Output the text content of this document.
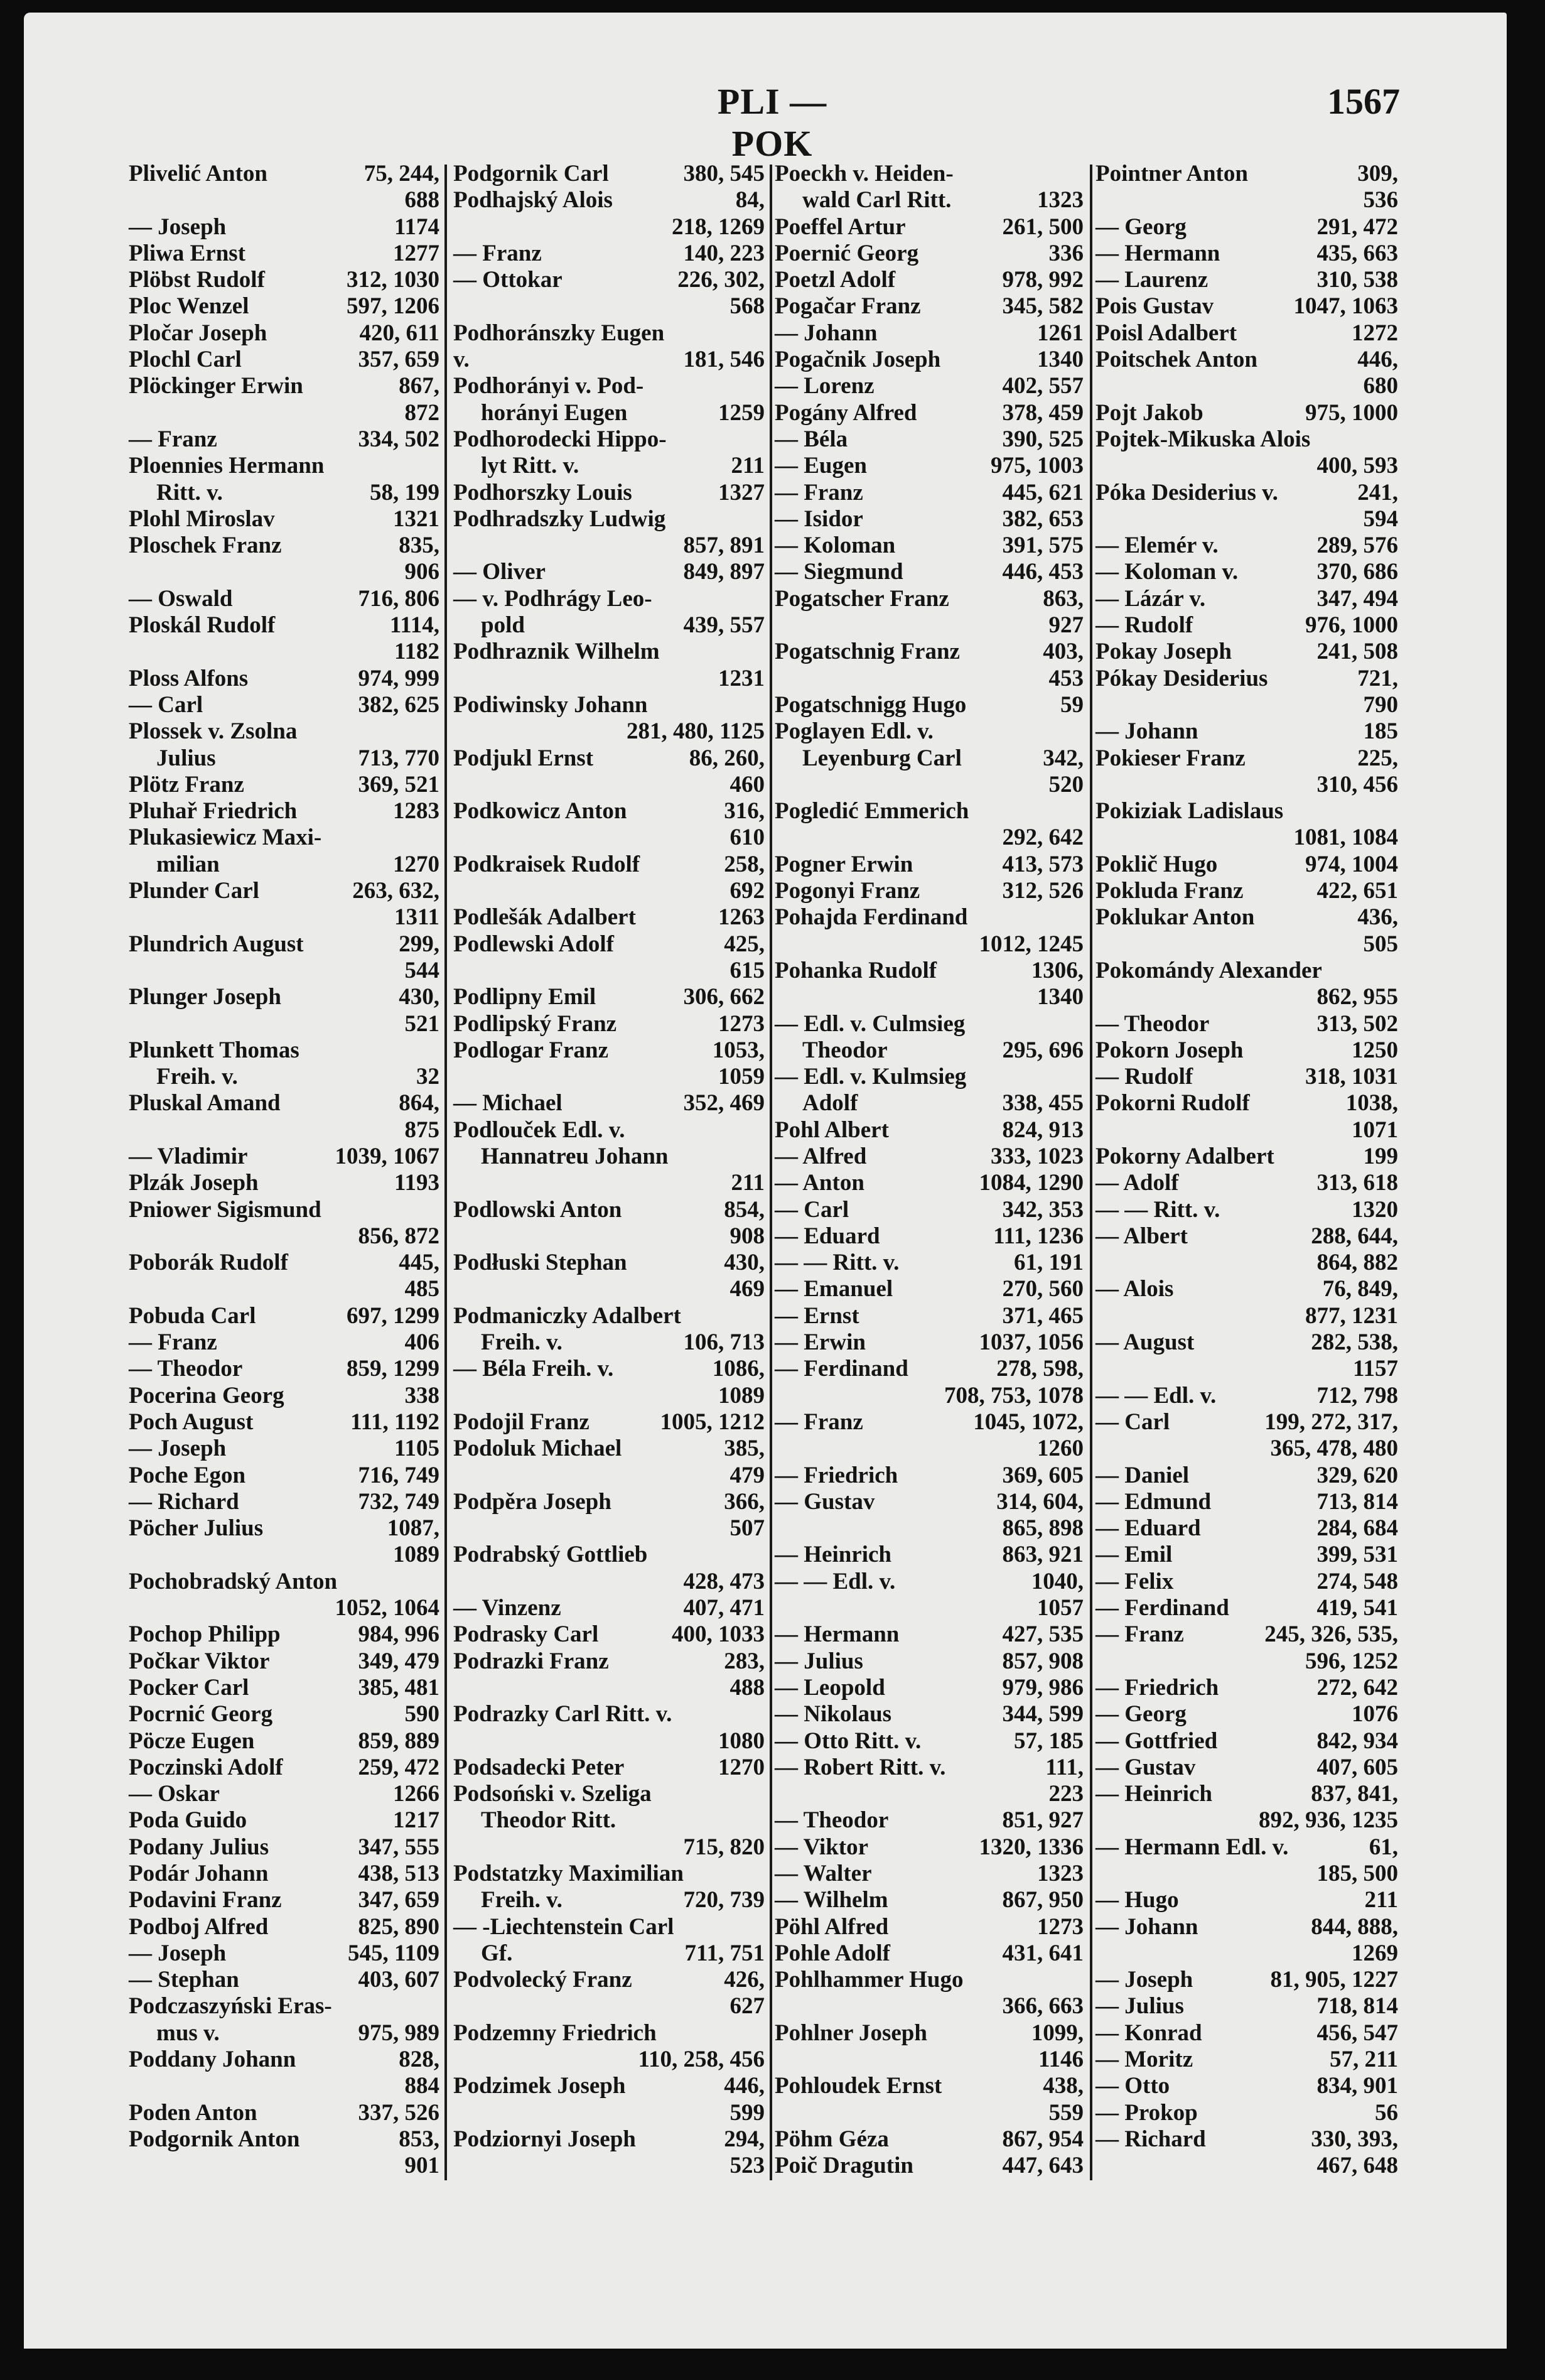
PLI — POK
1567
Plivelić Anton	75, 244,
688
— Joseph	1174
Pliwa Ernst	1277
Plöbst Rudolf	312, 1030
Ploc Wenzel	597, 1206
Pločar Joseph	420, 611
Plochl Carl	357, 659
Plöckinger Erwin	867,
872
— Franz	334, 502
Ploennies Hermann
Ritt. v.	58, 199
Plohl Miroslav	1321
Ploschek Franz	835,
906
— Oswald	716, 806
Ploskál Rudolf	1114,
1182
Ploss Alfons	974, 999
— Carl	382, 625
Plossek v. Zsolna
Julius	713, 770
Plötz Franz	369, 521
Pluhař Friedrich	1283
Plukasiewicz Maxi-
milian	1270
Plunder Carl	263, 632,
1311
Plundrich August	299,
544
Plunger Joseph	430,
521
Plunkett Thomas
Freih. v.	32
Pluskal Amand	864,
875
— Vladimir	1039, 1067
Plzák Joseph	1193
Pniower Sigismund
856, 872
Poborák Rudolf	445,
485
Pobuda Carl	697, 1299
— Franz	406
— Theodor	859, 1299
Pocerina Georg	338
Poch August	111, 1192
— Joseph	1105
Poche Egon	716, 749
— Richard	732, 749
Pöcher Julius	1087,
1089
Pochobradský Anton
1052, 1064
Pochop Philipp	984, 996
Počkar Viktor	349, 479
Pocker Carl	385, 481
Pocrnić Georg	590
Pöcze Eugen	859, 889
Poczinski Adolf	259, 472
— Oskar	1266
Poda Guido	1217
Podany Julius	347, 555
Podár Johann	438, 513
Podavini Franz	347, 659
Podboj Alfred	825, 890
— Joseph	545, 1109
— Stephan	403, 607
Podczaszyński Eras-
mus v.	975, 989
Poddany Johann	828,
884
Poden Anton	337, 526
Podgornik Anton	853,
901
Podgornik Carl	380, 545
Podhajský Alois	84,
218, 1269
— Franz	140, 223
— Ottokar	226, 302,
568
Podhoránszky Eugen
v.	181, 546
Podhorányi v. Pod-
horányi Eugen	1259
Podhorodecki Hippo-
lyt Ritt. v.	211
Podhorszky Louis	1327
Podhradszky Ludwig
857, 891
— Oliver	849, 897
— v. Podhrágy Leo-
pold	439, 557
Podhraznik Wilhelm
1231
Podiwinsky Johann
281, 480, 1125
Podjukl Ernst	86, 260,
460
Podkowicz Anton	316,
610
Podkraisek Rudolf	258,
692
Podlešák Adalbert	1263
Podlewski Adolf	425,
615
Podlipny Emil	306, 662
Podlipský Franz	1273
Podlogar Franz	1053,
1059
— Michael	352, 469
Podlouček Edl. v.
Hannatreu Johann
211
Podlowski Anton	854,
908
Podłuski Stephan	430,
469
Podmaniczky Adalbert
Freih. v.	106, 713
— Béla Freih. v.	1086,
1089
Podojil Franz	1005, 1212
Podoluk Michael	385,
479
Podpěra Joseph	366,
507
Podrabský Gottlieb
428, 473
— Vinzenz	407, 471
Podrasky Carl	400, 1033
Podrazki Franz	283,
488
Podrazky Carl Ritt. v.
1080
Podsadecki Peter	1270
Podsoński v. Szeliga
Theodor Ritt.
715, 820
Podstatzky Maximilian
Freih. v.	720, 739
— -Liechtenstein Carl
Gf.	711, 751
Podvolecký Franz	426,
627
Podzemny Friedrich
110, 258, 456
Podzimek Joseph	446,
599
Podziornyi Joseph	294,
523
Poeckh v. Heiden-
wald Carl Ritt.	1323
Poeffel Artur	261, 500
Poernić Georg	336
Poetzl Adolf	978, 992
Pogačar Franz	345, 582
— Johann	1261
Pogačnik Joseph	1340
— Lorenz	402, 557
Pogány Alfred	378, 459
— Béla	390, 525
— Eugen	975, 1003
— Franz	445, 621
— Isidor	382, 653
— Koloman	391, 575
— Siegmund	446, 453
Pogatscher Franz	863,
927
Pogatschnig Franz	403,
453
Pogatschnigg Hugo	59
Poglayen Edl. v.
Leyenburg Carl	342,
520
Pogledić Emmerich
292, 642
Pogner Erwin	413, 573
Pogonyi Franz	312, 526
Pohajda Ferdinand
1012, 1245
Pohanka Rudolf	1306,
1340
— Edl. v. Culmsieg
Theodor	295, 696
— Edl. v. Kulmsieg
Adolf	338, 455
Pohl Albert	824, 913
— Alfred	333, 1023
— Anton	1084, 1290
— Carl	342, 353
— Eduard	111, 1236
— — Ritt. v.	61, 191
— Emanuel	270, 560
— Ernst	371, 465
— Erwin	1037, 1056
— Ferdinand	278, 598,
708, 753, 1078
— Franz	1045, 1072,
1260
— Friedrich	369, 605
— Gustav	314, 604,
865, 898
— Heinrich	863, 921
— — Edl. v.	1040,
1057
— Hermann	427, 535
— Julius	857, 908
— Leopold	979, 986
— Nikolaus	344, 599
— Otto Ritt. v.	57, 185
— Robert Ritt. v.	111,
223
— Theodor	851, 927
— Viktor	1320, 1336
— Walter	1323
— Wilhelm	867, 950
Pöhl Alfred	1273
Pohle Adolf	431, 641
Pohlhammer Hugo
366, 663
Pohlner Joseph	1099,
1146
Pohloudek Ernst	438,
559
Pöhm Géza	867, 954
Poič Dragutin	447, 643
Pointner Anton	309,
536
— Georg	291, 472
— Hermann	435, 663
— Laurenz	310, 538
Pois Gustav	1047, 1063
Poisl Adalbert	1272
Poitschek Anton	446,
680
Pojt Jakob	975, 1000
Pojtek-Mikuska Alois
400, 593
Póka Desiderius v.	241,
594
— Elemér v.	289, 576
— Koloman v.	370, 686
— Lázár v.	347, 494
— Rudolf	976, 1000
Pokay Joseph	241, 508
Pókay Desiderius	721,
790
— Johann	185
Pokieser Franz	225,
310, 456
Pokiziak Ladislaus
1081, 1084
Poklič Hugo	974, 1004
Pokluda Franz	422, 651
Poklukar Anton	436,
505
Pokomándy Alexander
862, 955
— Theodor	313, 502
Pokorn Joseph	1250
— Rudolf	318, 1031
Pokorni Rudolf	1038,
1071
Pokorny Adalbert	199
— Adolf	313, 618
— — Ritt. v.	1320
— Albert	288, 644,
864, 882
— Alois	76, 849,
877, 1231
— August	282, 538,
1157
— — Edl. v.	712, 798
— Carl	199, 272, 317,
365, 478, 480
— Daniel	329, 620
— Edmund	713, 814
— Eduard	284, 684
— Emil	399, 531
— Felix	274, 548
— Ferdinand	419, 541
— Franz	245, 326, 535,
596, 1252
— Friedrich	272, 642
— Georg	1076
— Gottfried	842, 934
— Gustav	407, 605
— Heinrich	837, 841,
892, 936, 1235
— Hermann Edl. v.	61,
185, 500
— Hugo	211
— Johann	844, 888,
1269
— Joseph	81, 905, 1227
— Julius	718, 814
— Konrad	456, 547
— Moritz	57, 211
— Otto	834, 901
— Prokop	56
— Richard	330, 393,
467, 648
